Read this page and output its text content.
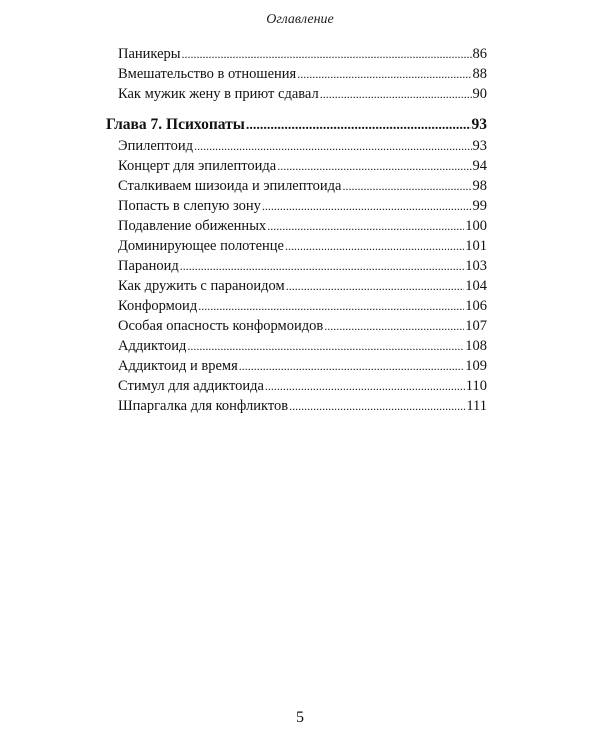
Оглавление
Паникеры .....	86
Вмешательство в отношения .....	88
Как мужик жену в приют сдавал .....	90
Глава 7. Психопаты .....	93
Эпилептоид .....	93
Концерт для эпилептоида .....	94
Сталкиваем шизоида и эпилептоида .....	98
Попасть в слепую зону .....	99
Подавление обиженных .....	100
Доминирующее полотенце .....	101
Параноид .....	103
Как дружить с параноидом .....	104
Конформоид .....	106
Особая опасность конформоидов .....	107
Аддиктоид .....	108
Аддиктоид и время .....	109
Стимул для аддиктоида .....	110
Шпаргалка для конфликтов .....	111
5
